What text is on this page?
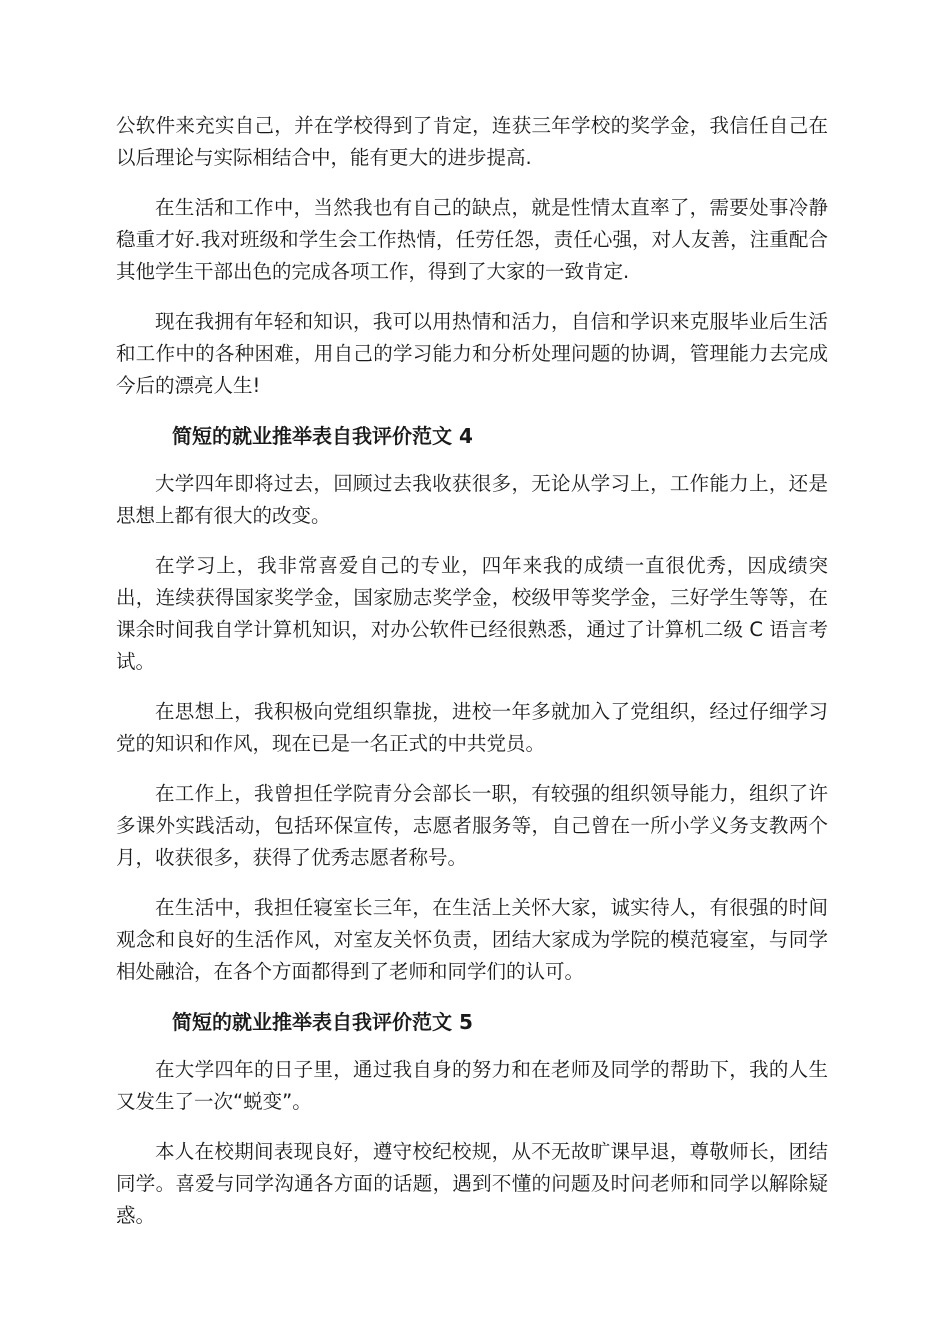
公软件来充实自己，并在学校得到了肯定，连获三年学校的奖学金，我信任自己在以后理论与实际相结合中，能有更大的进步提高.

在生活和工作中，当然我也有自己的缺点，就是性情太直率了，需要处事冷静稳重才好.我对班级和学生会工作热情，任劳任怨，责任心强，对人友善，注重配合其他学生干部出色的完成各项工作，得到了大家的一致肯定.

现在我拥有年轻和知识，我可以用热情和活力，自信和学识来克服毕业后生活和工作中的各种困难，用自己的学习能力和分析处理问题的协调，管理能力去完成今后的漂亮人生!

简短的就业推举表自我评价范文 4

大学四年即将过去，回顾过去我收获很多，无论从学习上，工作能力上，还是思想上都有很大的改变。

在学习上，我非常喜爱自己的专业，四年来我的成绩一直很优秀，因成绩突出，连续获得国家奖学金，国家励志奖学金，校级甲等奖学金，三好学生等等，在课余时间我自学计算机知识，对办公软件已经很熟悉，通过了计算机二级 C 语言考试。

在思想上，我积极向党组织靠拢，进校一年多就加入了党组织，经过仔细学习党的知识和作风，现在已是一名正式的中共党员。

在工作上，我曾担任学院青分会部长一职，有较强的组织领导能力，组织了许多课外实践活动，包括环保宣传，志愿者服务等，自己曾在一所小学义务支教两个月，收获很多，获得了优秀志愿者称号。

在生活中，我担任寝室长三年，在生活上关怀大家，诚实待人，有很强的时间观念和良好的生活作风，对室友关怀负责，团结大家成为学院的模范寝室，与同学相处融洽，在各个方面都得到了老师和同学们的认可。

简短的就业推举表自我评价范文 5

在大学四年的日子里，通过我自身的努力和在老师及同学的帮助下，我的人生又发生了一次“蜕变”。

本人在校期间表现良好，遵守校纪校规，从不无故旷课早退，尊敬师长，团结同学。喜爱与同学沟通各方面的话题，遇到不懂的问题及时问老师和同学以解除疑惑。
